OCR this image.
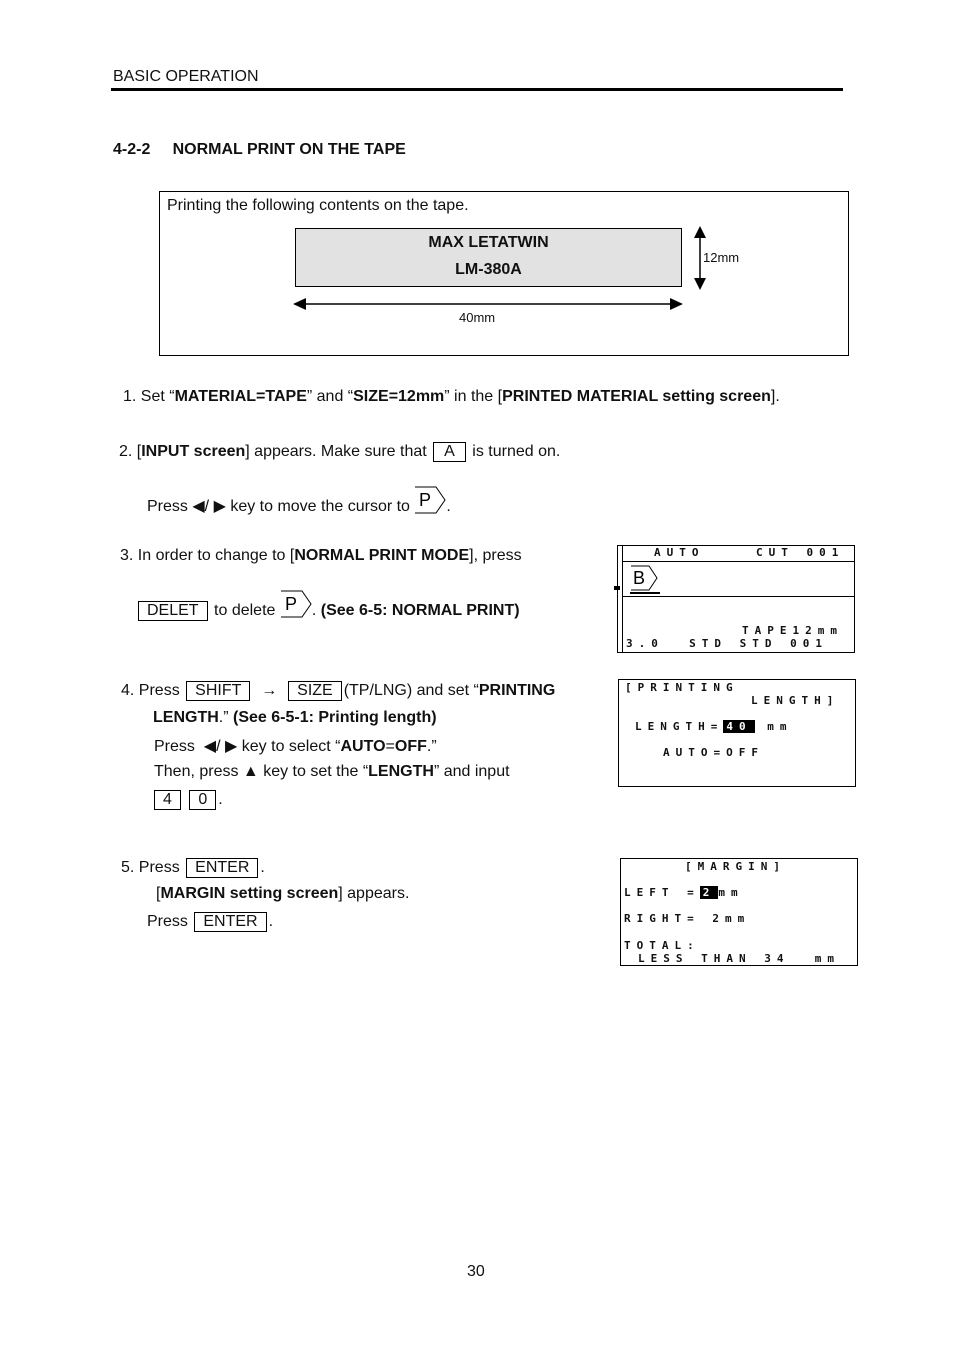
BASIC OPERATION
4-2-2 NORMAL PRINT ON THE TAPE
Printing the following contents on the tape.
MAX LETATWIN
LM-380A
12mm
40mm
1. Set “MATERIAL=TAPE” and “SIZE=12mm” in the [PRINTED MATERIAL setting screen].
2. [INPUT screen] appears. Make sure that A is turned on.
Press ◀/ ▶ key to move the cursor to P .
3. In order to change to [NORMAL PRINT MODE], press
DELET to delete P . (See 6-5: NORMAL PRINT)
AUTO	CUT 001
B
TAPE12mm
3.0  STD STD 001
4. Press SHIFT → SIZE (TP/LNG) and set “PRINTING
LENGTH.” (See 6-5-1: Printing length)
Press  ◀/ ▶ key to select “AUTO=OFF.”
Then, press ▲ key to set the “LENGTH” and input
4 0 .
[PRINTING
LENGTH]
LENGTH= 40 mm
AUTO=OFF
5. Press ENTER .
[MARGIN setting screen] appears.
Press ENTER .
[MARGIN]
LEFT = 2 mm
RIGHT= 2mm
TOTAL:
LESS THAN 34  mm
30
